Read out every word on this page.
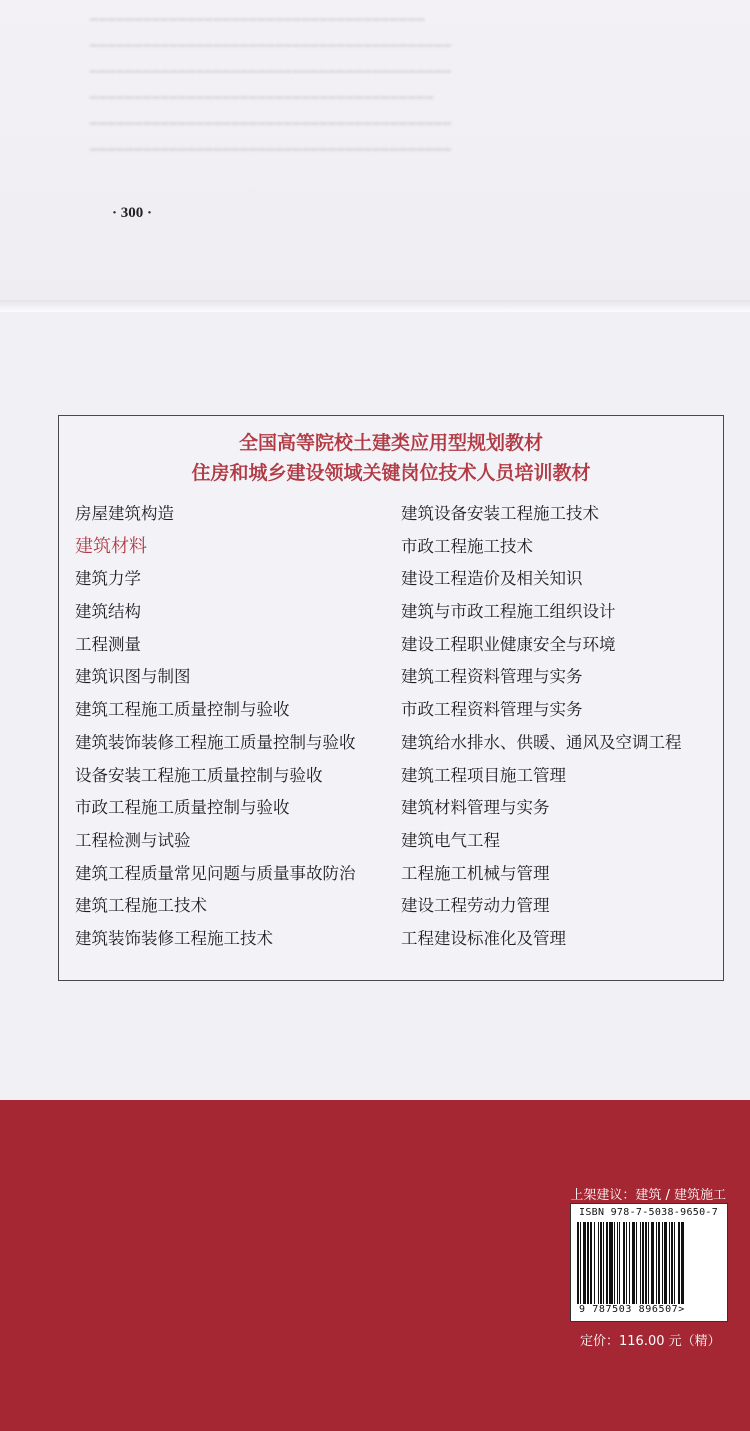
━━━━━━━━━━━━━━━━━━━━━━━━━━━━━━━━━━━━━━
━━━━━━━━━━━━━━━━━━━━━━━━━━━━━━━━━━━━━━━━━
━━━━━━━━━━━━━━━━━━━━━━━━━━━━━━━━━━━━━━━━━
━━━━━━━━━━━━━━━━━━━━━━━━━━━━━━━━━━━━━━━
━━━━━━━━━━━━━━━━━━━━━━━━━━━━━━━━━━━━━━━━━
━━━━━━━━━━━━━━━━━━━━━━━━━━━━━━━━━━━━━━━━━
· 300 ·
全国高等院校土建类应用型规划教材
住房和城乡建设领域关键岗位技术人员培训教材
房屋建筑构造
建筑材料
建筑力学
建筑结构
工程测量
建筑识图与制图
建筑工程施工质量控制与验收
建筑装饰装修工程施工质量控制与验收
设备安装工程施工质量控制与验收
市政工程施工质量控制与验收
工程检测与试验
建筑工程质量常见问题与质量事故防治
建筑工程施工技术
建筑装饰装修工程施工技术
建筑设备安装工程施工技术
市政工程施工技术
建设工程造价及相关知识
建筑与市政工程施工组织设计
建设工程职业健康安全与环境
建筑工程资料管理与实务
市政工程资料管理与实务
建筑给水排水、供暖、通风及空调工程
建筑工程项目施工管理
建筑材料管理与实务
建筑电气工程
工程施工机械与管理
建设工程劳动力管理
工程建设标准化及管理
上架建议：建筑 / 建筑施工
ISBN 978-7-5038-9650-7
9 787503 896507>
定价：116.00 元（精）
